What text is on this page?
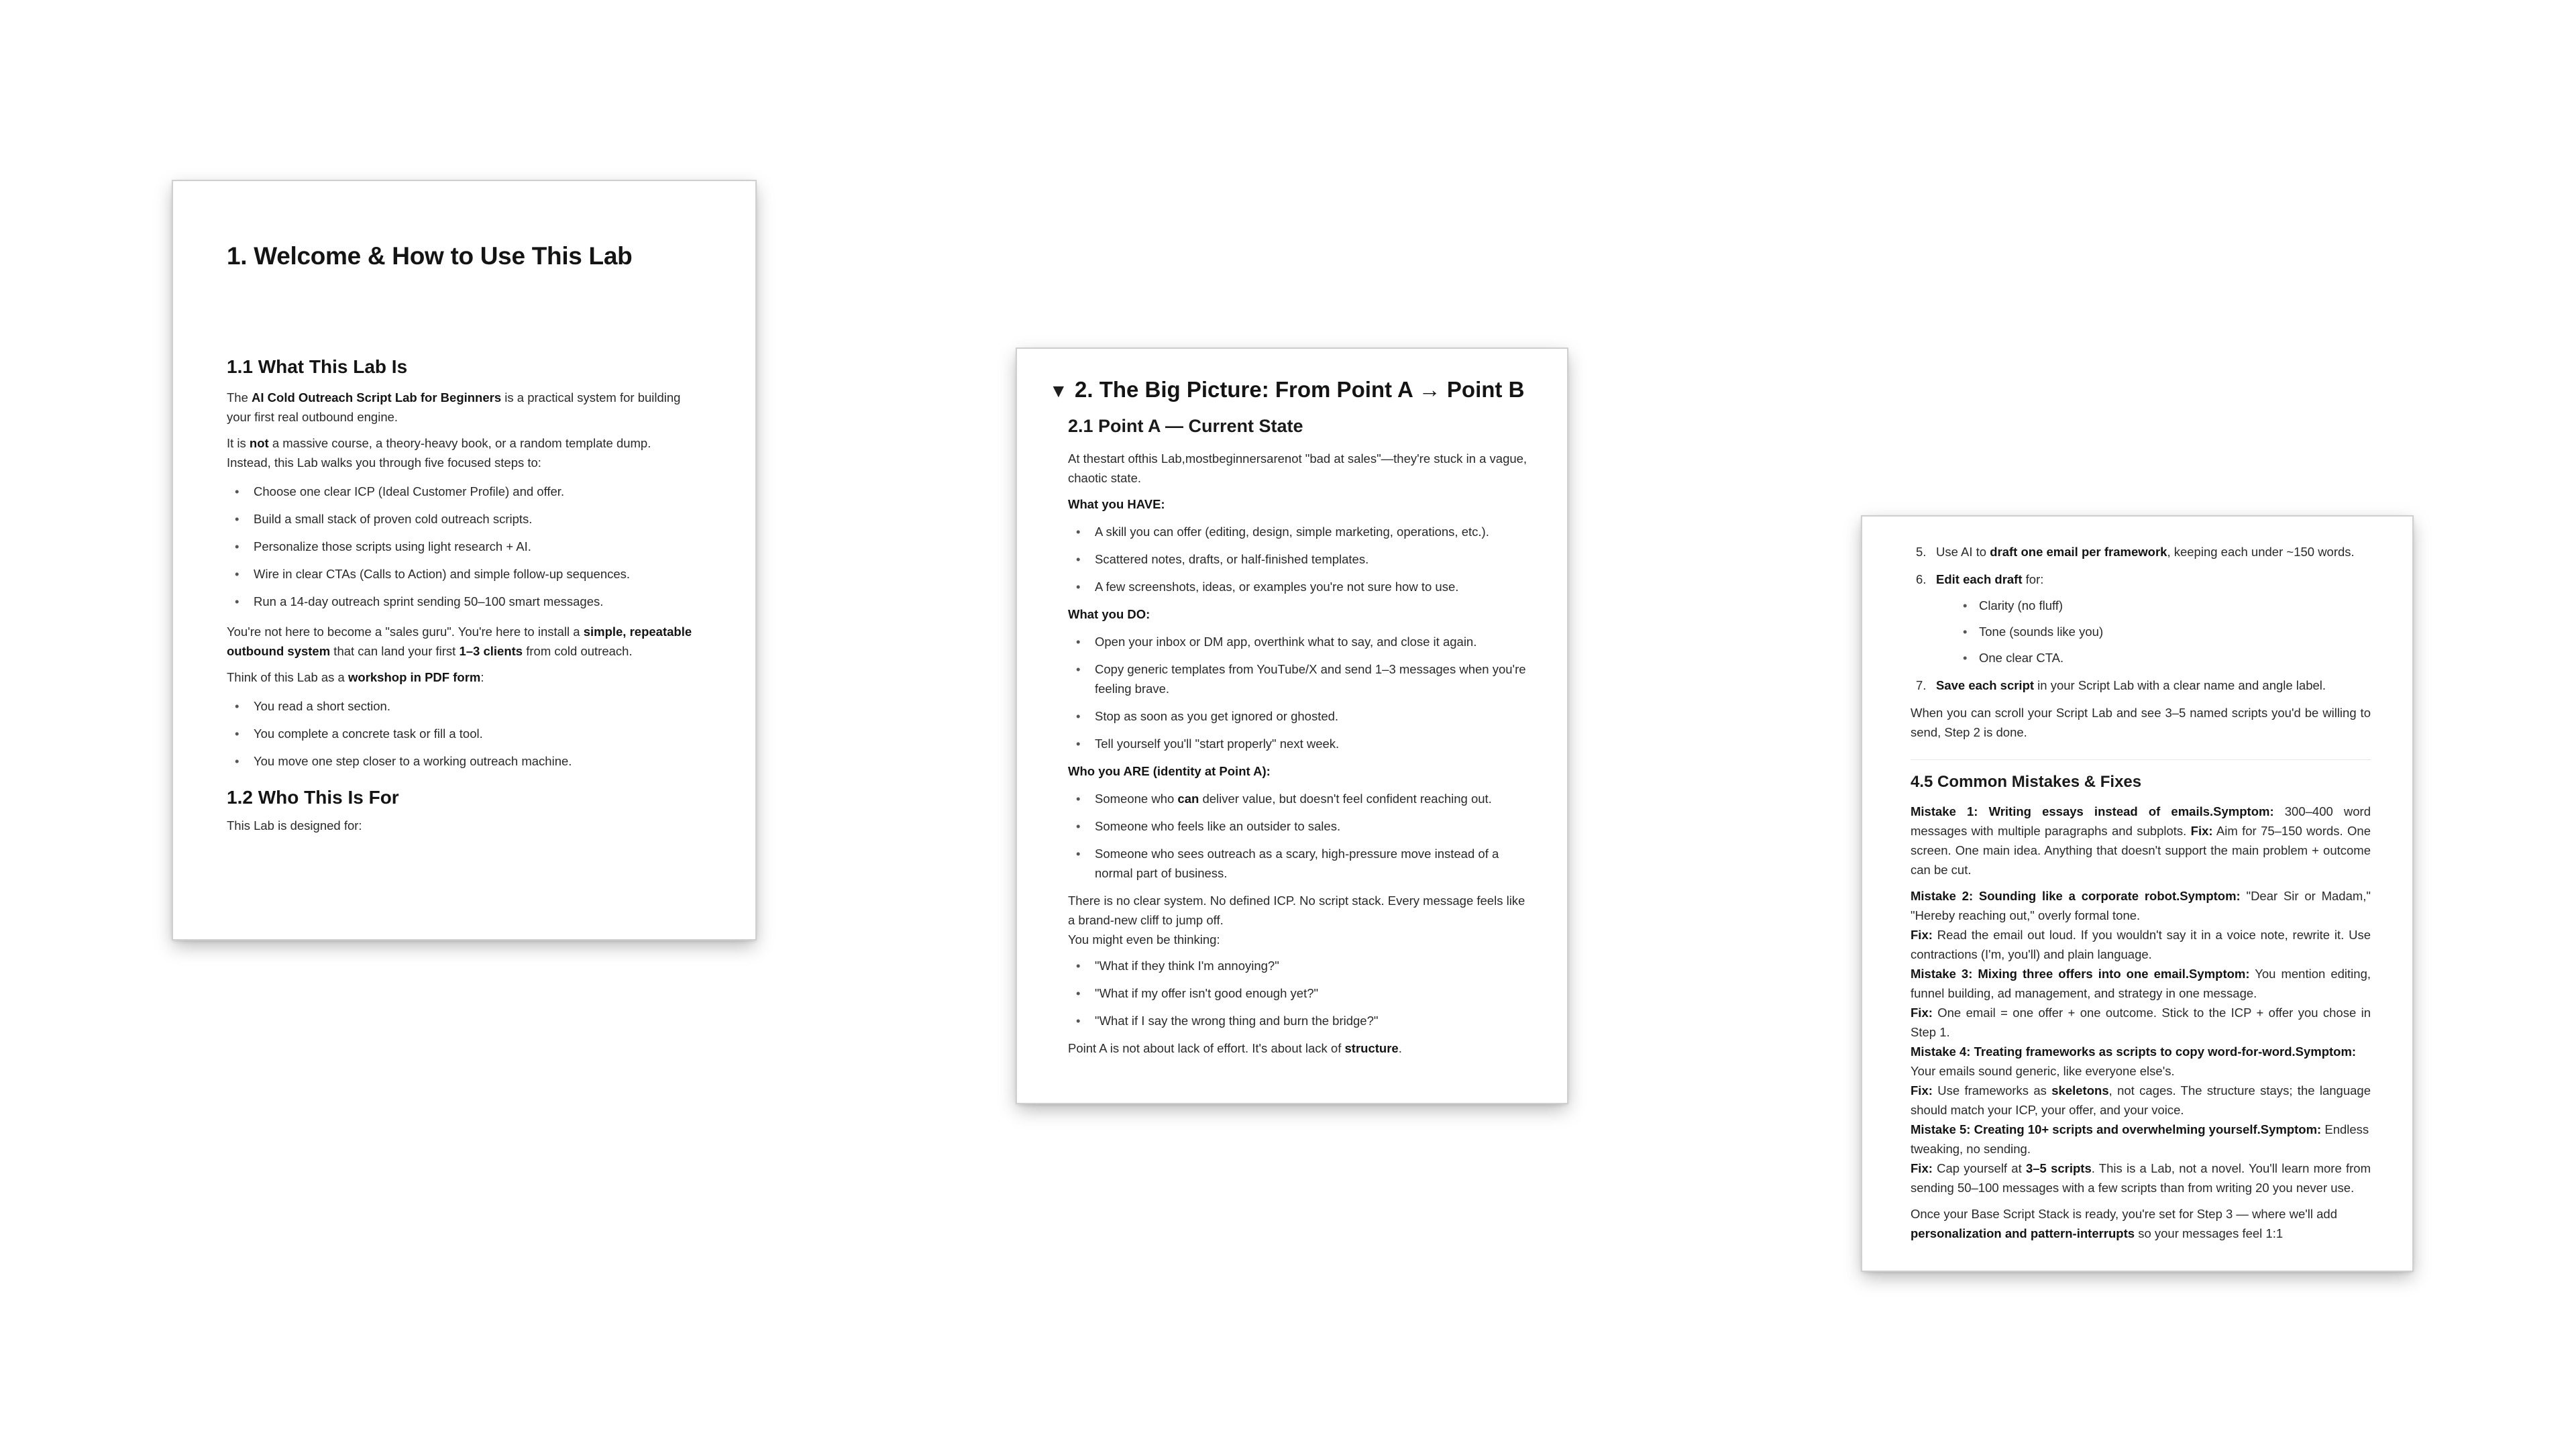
1. Welcome & How to Use This Lab
1.1 What This Lab Is

The AI Cold Outreach Script Lab for Beginners is a practical system for building your first real outbound engine.

It is not a massive course, a theory-heavy book, or a random template dump.

Instead, this Lab walks you through five focused steps to:

• Choose one clear ICP (Ideal Customer Profile) and offer.
• Build a small stack of proven cold outreach scripts.
• Personalize those scripts using light research + AI.
• Wire in clear CTAs (Calls to Action) and simple follow-up sequences.
• Run a 14-day outreach sprint sending 50–100 smart messages.

You're not here to become a "sales guru". You're here to install a simple, repeatable outbound system that can land your first 1–3 clients from cold outreach.

Think of this Lab as a workshop in PDF form:

• You read a short section.
• You complete a concrete task or fill a tool.
• You move one step closer to a working outreach machine.
1.2 Who This Is For

This Lab is designed for:

▼ 2. The Big Picture: From Point A → Point B
2.1 Point A — Current State

At thestart ofthis Lab,mostbeginnersarenot "bad at sales"—they're stuck in a vague, chaotic state.

What you HAVE:
• A skill you can offer (editing, design, simple marketing, operations, etc.).
• Scattered notes, drafts, or half-finished templates.
• A few screenshots, ideas, or examples you're not sure how to use.
What you DO:
• Open your inbox or DM app, overthink what to say, and close it again.
• Copy generic templates from YouTube/X and send 1–3 messages when you're feeling brave.
• Stop as soon as you get ignored or ghosted.
• Tell yourself you'll "start properly" next week.
Who you ARE (identity at Point A):
• Someone who can deliver value, but doesn't feel confident reaching out.
• Someone who feels like an outsider to sales.
• Someone who sees outreach as a scary, high-pressure move instead of a normal part of business.

There is no clear system. No defined ICP. No script stack. Every message feels like a brand-new cliff to jump off.

You might even be thinking:

• "What if they think I'm annoying?"
• "What if my offer isn't good enough yet?"
• "What if I say the wrong thing and burn the bridge?"

Point A is not about lack of effort. It's about lack of structure.

5. Use AI to draft one email per framework, keeping each under ~150 words.
6. Edit each draft for:
• Clarity (no fluff)
• Tone (sounds like you)
• One clear CTA.
7. Save each script in your Script Lab with a clear name and angle label.

When you can scroll your Script Lab and see 3–5 named scripts you'd be willing to send, Step 2 is done.

4.5 Common Mistakes & Fixes

Mistake 1: Writing essays instead of emails.Symptom: 300–400 word messages with multiple paragraphs and subplots. Fix: Aim for 75–150 words. One screen. One main idea. Anything that doesn't support the main problem + outcome can be cut.

Mistake 2: Sounding like a corporate robot.Symptom: "Dear Sir or Madam," "Hereby reaching out," overly formal tone.

Fix: Read the email out loud. If you wouldn't say it in a voice note, rewrite it. Use contractions (I'm, you'll) and plain language.

Mistake 3: Mixing three offers into one email.Symptom: You mention editing, funnel building, ad management, and strategy in one message.

Fix: One email = one offer + one outcome. Stick to the ICP + offer you chose in Step 1.

Mistake 4: Treating frameworks as scripts to copy word-for-word.Symptom: Your emails sound generic, like everyone else's.

Fix: Use frameworks as skeletons, not cages. The structure stays; the language should match your ICP, your offer, and your voice.

Mistake 5: Creating 10+ scripts and overwhelming yourself.Symptom: Endless tweaking, no sending.

Fix: Cap yourself at 3–5 scripts. This is a Lab, not a novel. You'll learn more from sending 50–100 messages with a few scripts than from writing 20 you never use.

Once your Base Script Stack is ready, you're set for Step 3 — where we'll add personalization and pattern-interrupts so your messages feel 1:1
